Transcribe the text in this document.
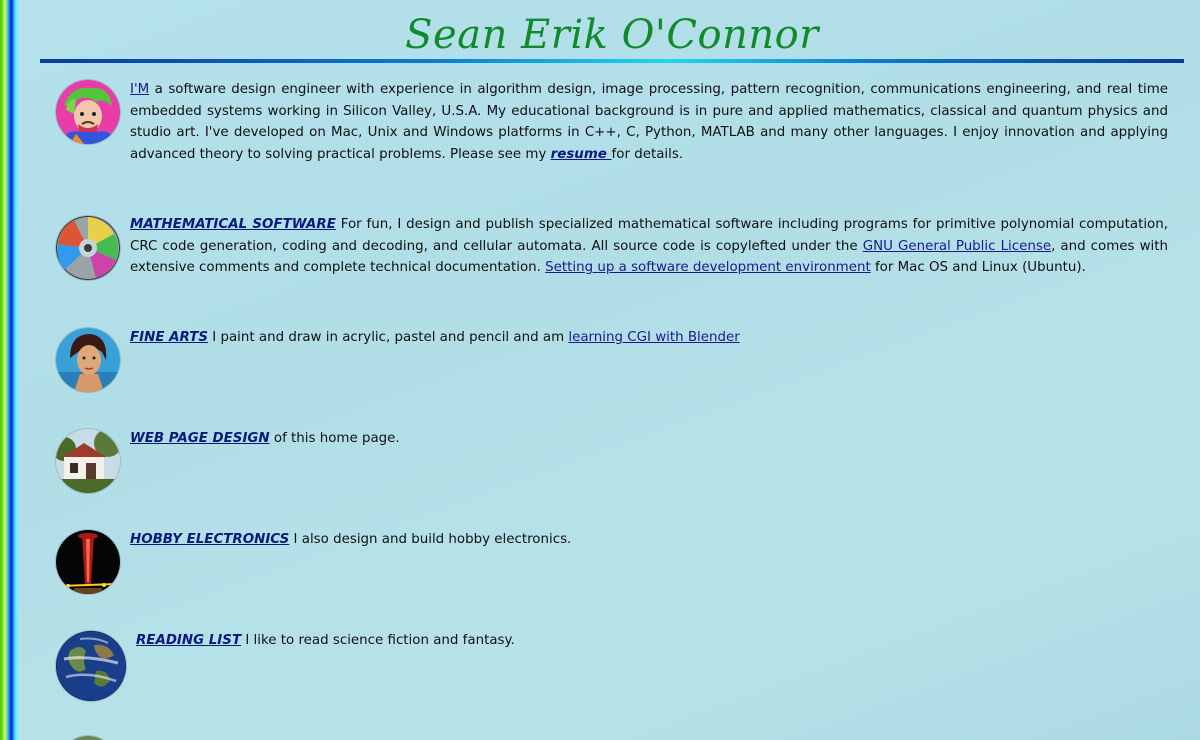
Sean Erik O'Connor
I'M a software design engineer with experience in algorithm design, image processing, pattern recognition, communications engineering, and real time embedded systems working in Silicon Valley, U.S.A. My educational background is in pure and applied mathematics, classical and quantum physics and studio art. I've developed on Mac, Unix and Windows platforms in C++, C, Python, MATLAB and many other languages. I enjoy innovation and applying advanced theory to solving practical problems. Please see my resume for details.
MATHEMATICAL SOFTWARE For fun, I design and publish specialized mathematical software including programs for primitive polynomial computation, CRC code generation, coding and decoding, and cellular automata. All source code is copylefted under the GNU General Public License, and comes with extensive comments and complete technical documentation. Setting up a software development environment for Mac OS and Linux (Ubuntu).
FINE ARTS I paint and draw in acrylic, pastel and pencil and am learning CGI with Blender
WEB PAGE DESIGN of this home page.
HOBBY ELECTRONICS I also design and build hobby electronics.
READING LIST I like to read science fiction and fantasy.
